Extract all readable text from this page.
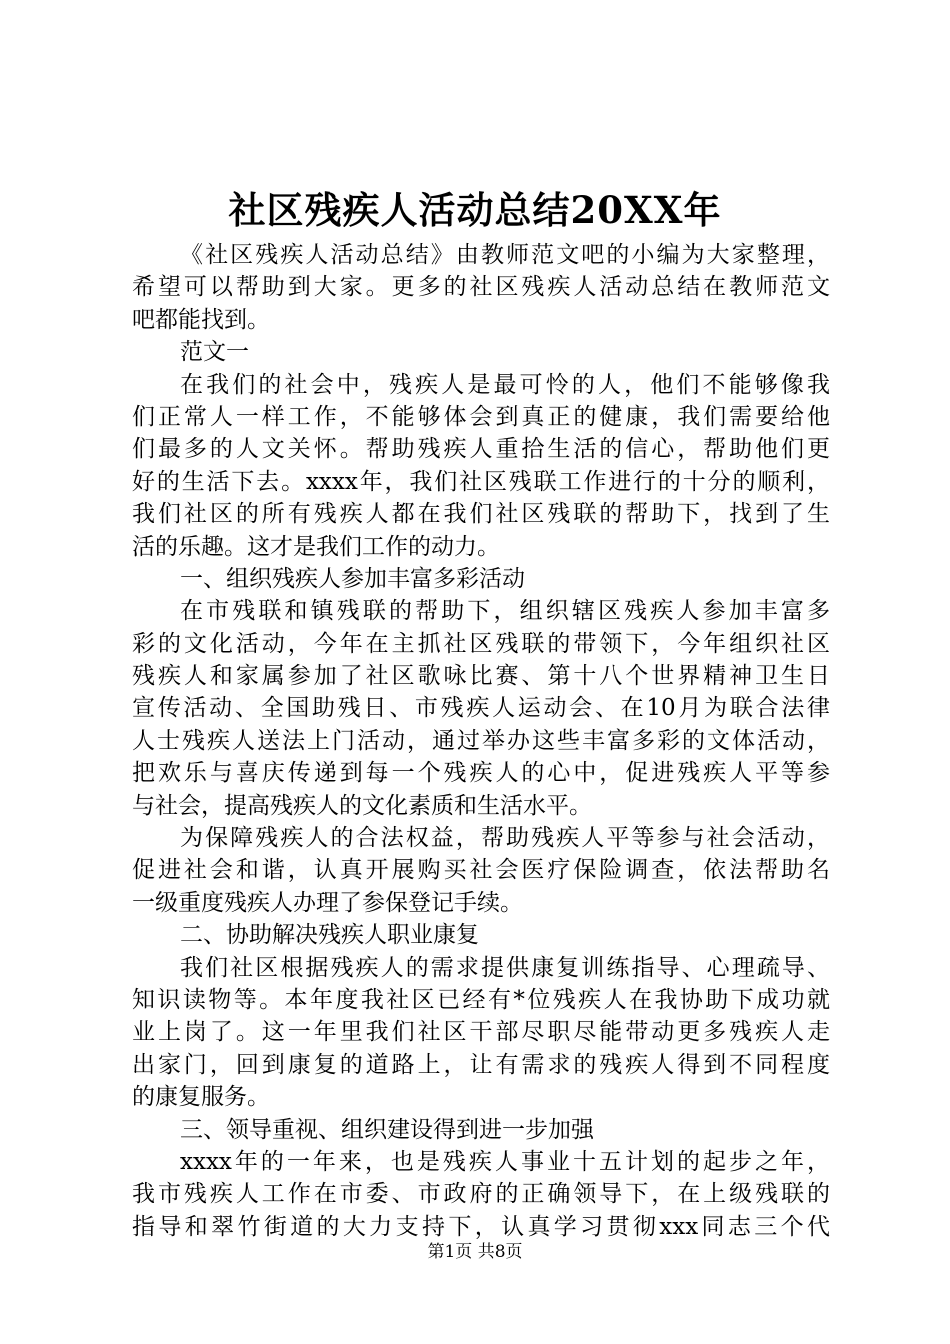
社区残疾人活动总结20XX年
《社区残疾人活动总结》由教师范文吧的小编为大家整理，
希望可以帮助到大家。更多的社区残疾人活动总结在教师范文
吧都能找到。
范文一
在我们的社会中，残疾人是最可怜的人，他们不能够像我
们正常人一样工作，不能够体会到真正的健康，我们需要给他
们最多的人文关怀。帮助残疾人重拾生活的信心，帮助他们更
好的生活下去。xxxx年，我们社区残联工作进行的十分的顺利，
我们社区的所有残疾人都在我们社区残联的帮助下，找到了生
活的乐趣。这才是我们工作的动力。
一、组织残疾人参加丰富多彩活动
在市残联和镇残联的帮助下，组织辖区残疾人参加丰富多
彩的文化活动，今年在主抓社区残联的带领下，今年组织社区
残疾人和家属参加了社区歌咏比赛、第十八个世界精神卫生日
宣传活动、全国助残日、市残疾人运动会、在10月为联合法律
人士残疾人送法上门活动，通过举办这些丰富多彩的文体活动，
把欢乐与喜庆传递到每一个残疾人的心中，促进残疾人平等参
与社会，提高残疾人的文化素质和生活水平。
为保障残疾人的合法权益，帮助残疾人平等参与社会活动，
促进社会和谐，认真开展购买社会医疗保险调查，依法帮助名
一级重度残疾人办理了参保登记手续。
二、协助解决残疾人职业康复
我们社区根据残疾人的需求提供康复训练指导、心理疏导、
知识读物等。本年度我社区已经有*位残疾人在我协助下成功就
业上岗了。这一年里我们社区干部尽职尽能带动更多残疾人走
出家门，回到康复的道路上，让有需求的残疾人得到不同程度
的康复服务。
三、领导重视、组织建设得到进一步加强
xxxx年的一年来，也是残疾人事业十五计划的起步之年，
我市残疾人工作在市委、市政府的正确领导下，在上级残联的
指导和翠竹街道的大力支持下，认真学习贯彻xxx同志三个代
第1页 共8页
